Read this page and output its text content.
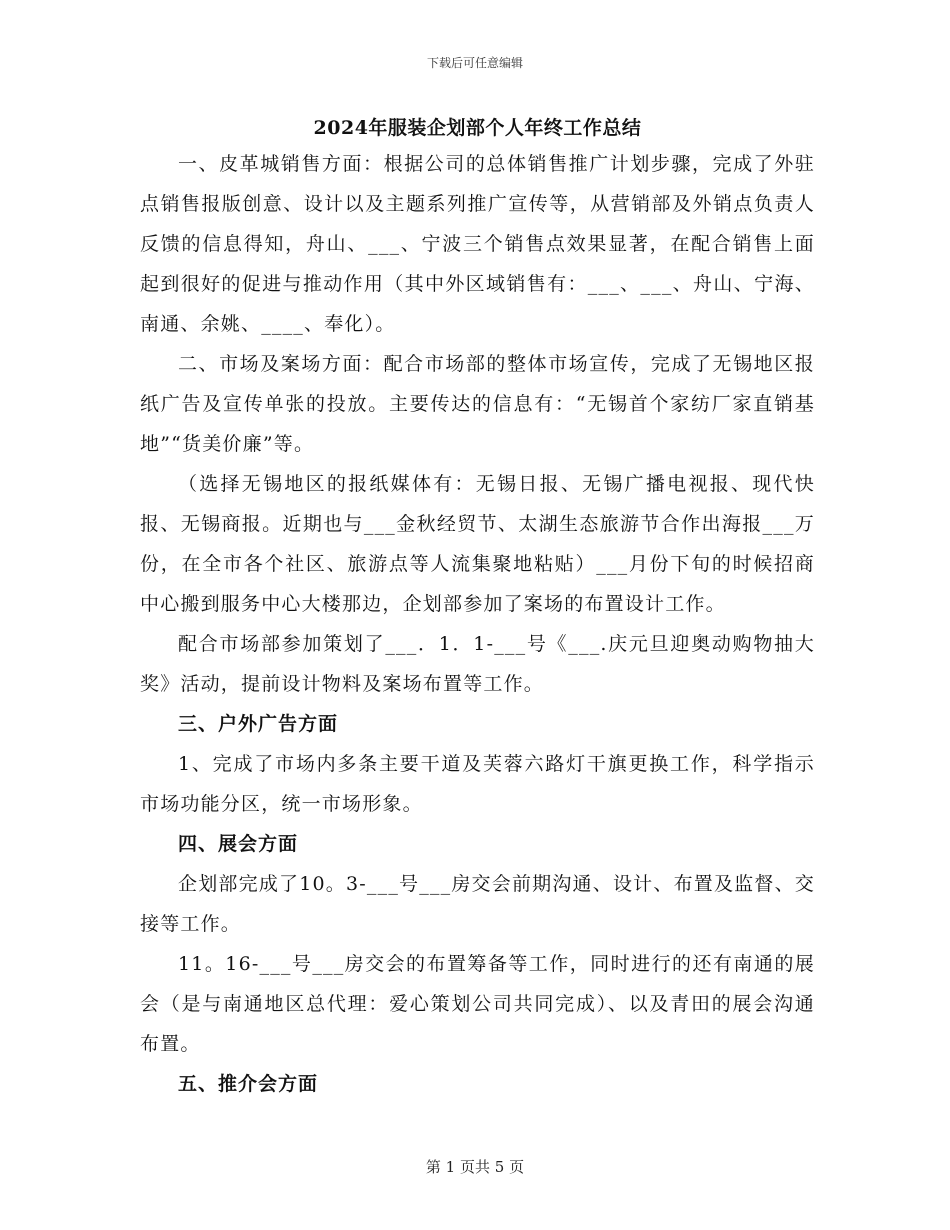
下载后可任意编辑
2024年服装企划部个人年终工作总结

一、皮革城销售方面：根据公司的总体销售推广计划步骤，完成了外驻点销售报版创意、设计以及主题系列推广宣传等，从营销部及外销点负责人反馈的信息得知，舟山、___、宁波三个销售点效果显著，在配合销售上面起到很好的促进与推动作用（其中外区域销售有：___、___、舟山、宁海、南通、余姚、____、奉化）。

二、市场及案场方面：配合市场部的整体市场宣传，完成了无锡地区报纸广告及宣传单张的投放。主要传达的信息有：“无锡首个家纺厂家直销基地”“货美价廉”等。

（选择无锡地区的报纸媒体有：无锡日报、无锡广播电视报、现代快报、无锡商报。近期也与___金秋经贸节、太湖生态旅游节合作出海报___万份，在全市各个社区、旅游点等人流集聚地粘贴）___月份下旬的时候招商中心搬到服务中心大楼那边，企划部参加了案场的布置设计工作。

配合市场部参加策划了___．1．1-___号《___.庆元旦迎奥动购物抽大奖》活动，提前设计物料及案场布置等工作。

三、户外广告方面

1、完成了市场内多条主要干道及芙蓉六路灯干旗更换工作，科学指示市场功能分区，统一市场形象。

四、展会方面

企划部完成了10。3-___号___房交会前期沟通、设计、布置及监督、交接等工作。

11。16-___号___房交会的布置筹备等工作，同时进行的还有南通的展会（是与南通地区总代理：爱心策划公司共同完成）、以及青田的展会沟通布置。

五、推介会方面

第 1 页共 5 页
